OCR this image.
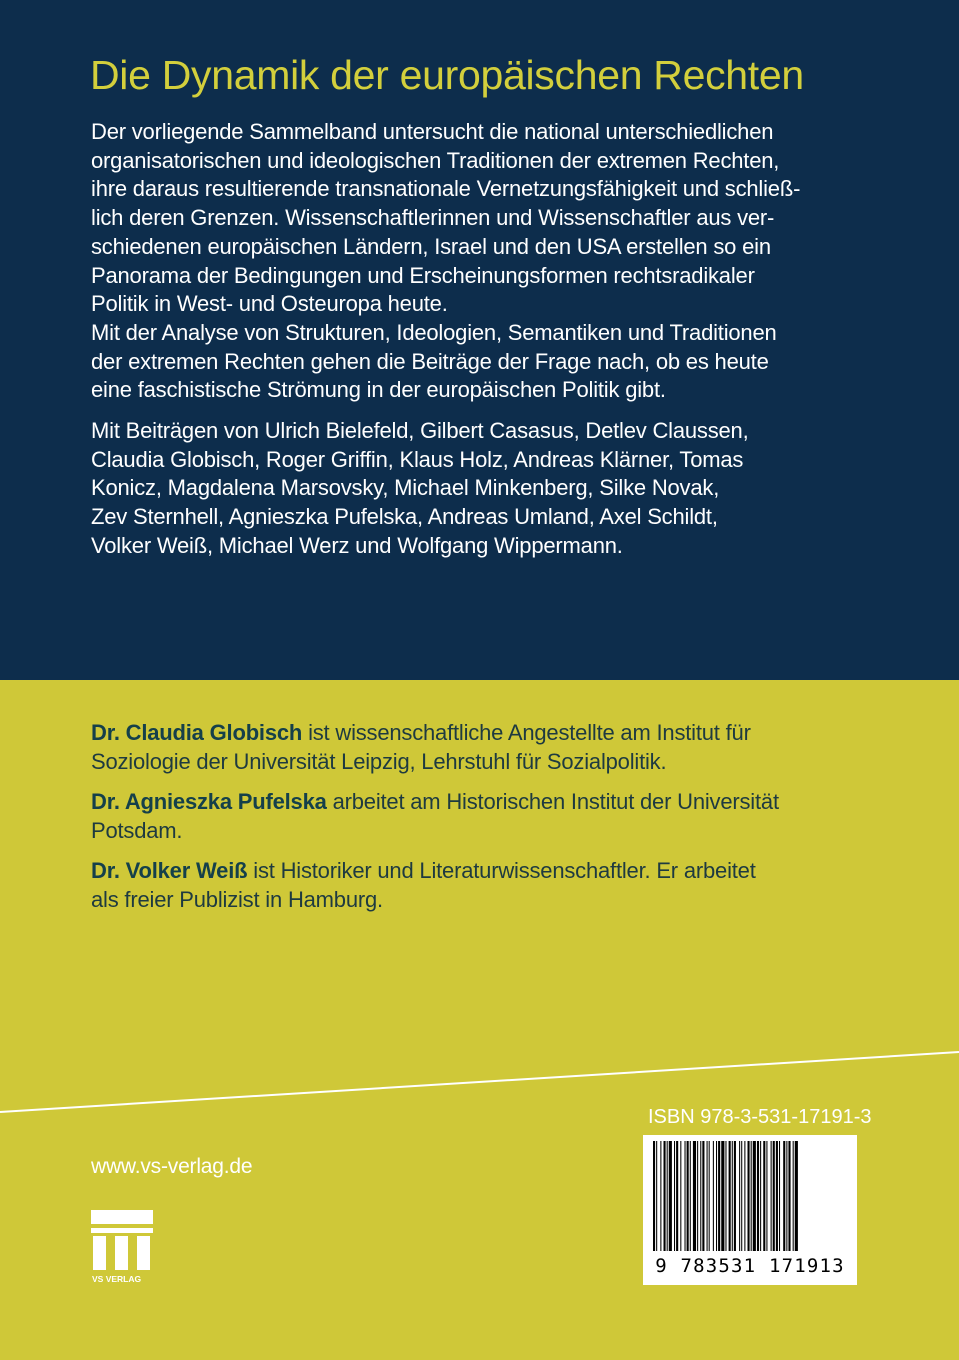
Die Dynamik der europäischen Rechten

Der vorliegende Sammelband untersucht die national unterschiedlichen
organisatorischen und ideologischen Traditionen der extremen Rechten,
ihre daraus resultierende transnationale Vernetzungsfähigkeit und schließ-
lich deren Grenzen. Wissenschaftlerinnen und Wissenschaftler aus ver-
schiedenen europäischen Ländern, Israel und den USA erstellen so ein
Panorama der Bedingungen und Erscheinungsformen rechtsradikaler
Politik in West- und Osteuropa heute.
Mit der Analyse von Strukturen, Ideologien, Semantiken und Traditionen
der extremen Rechten gehen die Beiträge der Frage nach, ob es heute
eine faschistische Strömung in der europäischen Politik gibt.

Mit Beiträgen von Ulrich Bielefeld, Gilbert Casasus, Detlev Claussen,
Claudia Globisch, Roger Griffin, Klaus Holz, Andreas Klärner, Tomas
Konicz, Magdalena Marsovsky, Michael Minkenberg, Silke Novak,
Zev Sternhell, Agnieszka Pufelska, Andreas Umland, Axel Schildt,
Volker Weiß, Michael Werz und Wolfgang Wippermann.

Dr. Claudia Globisch ist wissenschaftliche Angestellte am Institut für
Soziologie der Universität Leipzig, Lehrstuhl für Sozialpolitik.

Dr. Agnieszka Pufelska arbeitet am Historischen Institut der Universität
Potsdam.

Dr. Volker Weiß ist Historiker und Literaturwissenschaftler. Er arbeitet
als freier Publizist in Hamburg.

www.vs-verlag.de

VS VERLAG

ISBN 978-3-531-17191-3

9 783531 171913
